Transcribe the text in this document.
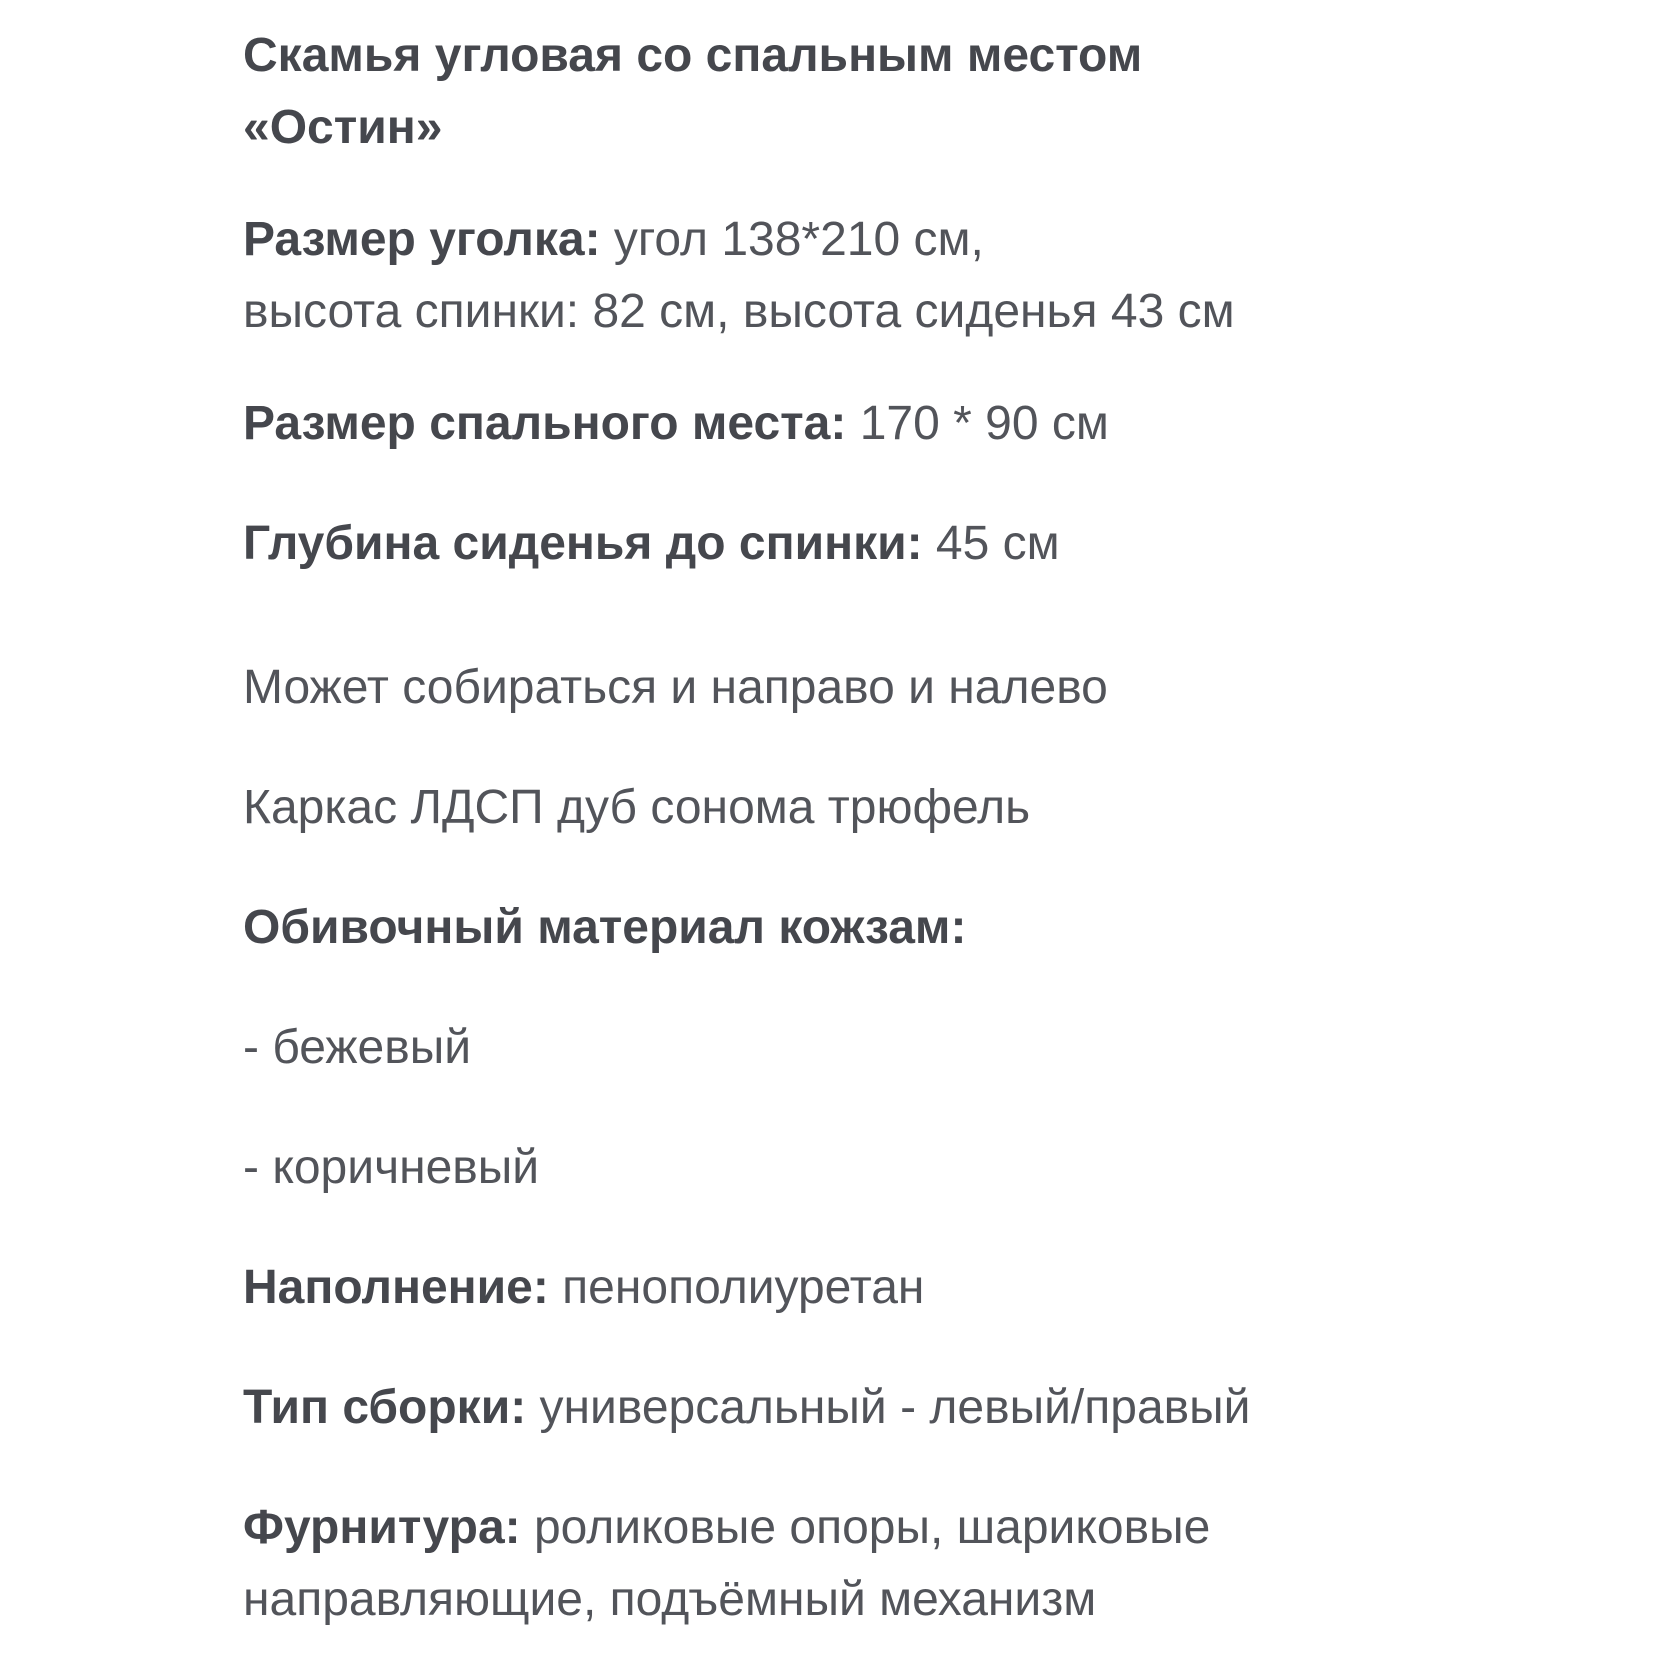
Скамья угловая со спальным местом
«Остин»
Размер уголка: угол 138*210 см,
высота спинки: 82 см, высота сиденья 43 см
Размер спального места: 170 * 90 см
Глубина сиденья до спинки: 45 см
Может собираться и направо и налево
Каркас ЛДСП дуб сонома трюфель
Обивочный материал кожзам:
- бежевый
- коричневый
Наполнение: пенополиуретан
Тип сборки: универсальный - левый/правый
Фурнитура: роликовые опоры, шариковые
направляющие, подъёмный механизм
